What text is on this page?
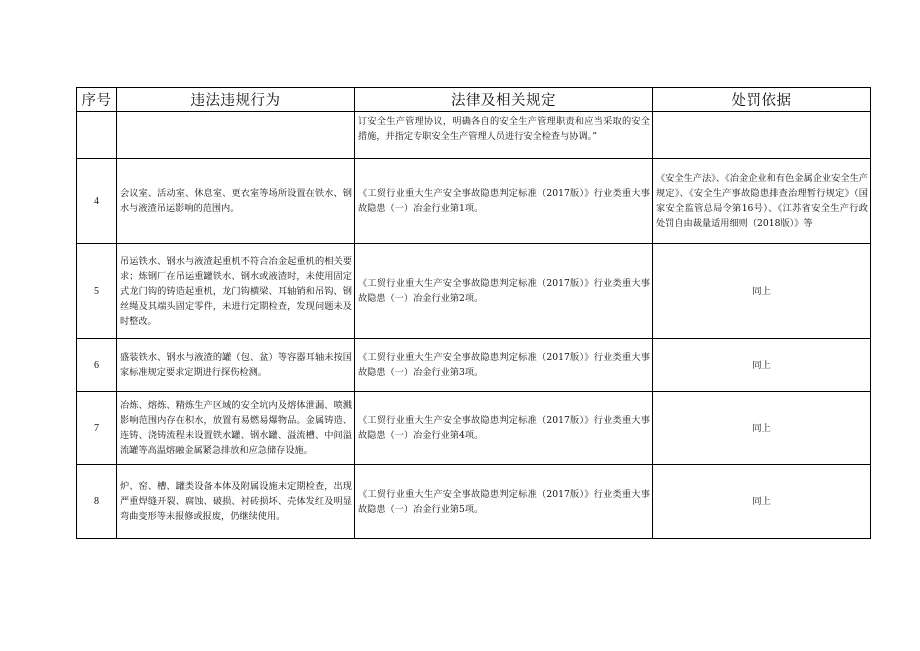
序号	违法违规行为	法律及相关规定	处罚依据

		订安全生产管理协议，明确各自的安全生产管理职责和应当采取的安全措施，并指定专职安全生产管理人员进行安全检查与协调。”	

4	会议室、活动室、休息室、更衣室等场所设置在铁水、钢水与液渣吊运影响的范围内。	《工贸行业重大生产安全事故隐患判定标准（2017版）》行业类重大事故隐患（一）冶金行业第1项。	《安全生产法》、《冶金企业和有色金属企业安全生产规定》、《安全生产事故隐患排查治理暂行规定》（国家安全监管总局令第16号）、《江苏省安全生产行政处罚自由裁量适用细则（2018版）》等
5	吊运铁水、钢水与液渣起重机不符合冶金起重机的相关要求；炼钢厂在吊运重罐铁水、钢水或液渣时，未使用固定式龙门钩的铸造起重机，龙门钩横梁、耳轴销和吊钩、钢丝绳及其端头固定零件，未进行定期检查，发现问题未及时整改。	《工贸行业重大生产安全事故隐患判定标准（2017版）》行业类重大事故隐患（一）冶金行业第2项。	同上
6	盛装铁水、钢水与液渣的罐（包、盆）等容器耳轴未按国家标准规定要求定期进行探伤检测。	《工贸行业重大生产安全事故隐患判定标准（2017版）》行业类重大事故隐患（一）冶金行业第3项。	同上
7	冶炼、熔炼、精炼生产区域的安全坑内及熔体泄漏、喷溅影响范围内存在积水，放置有易燃易爆物品。金属铸造、连铸、浇铸流程未设置铁水罐、钢水罐、溢流槽、中间溢流罐等高温熔融金属紧急排放和应急储存设施。	《工贸行业重大生产安全事故隐患判定标准（2017版）》行业类重大事故隐患（一）冶金行业第4项。	同上
8	炉、窑、槽、罐类设备本体及附属设施未定期检查，出现严重焊缝开裂、腐蚀、破损、衬砖损坏、壳体发红及明显弯曲变形等未报修或报废，仍继续使用。	《工贸行业重大生产安全事故隐患判定标准（2017版）》行业类重大事故隐患（一）冶金行业第5项。	同上
